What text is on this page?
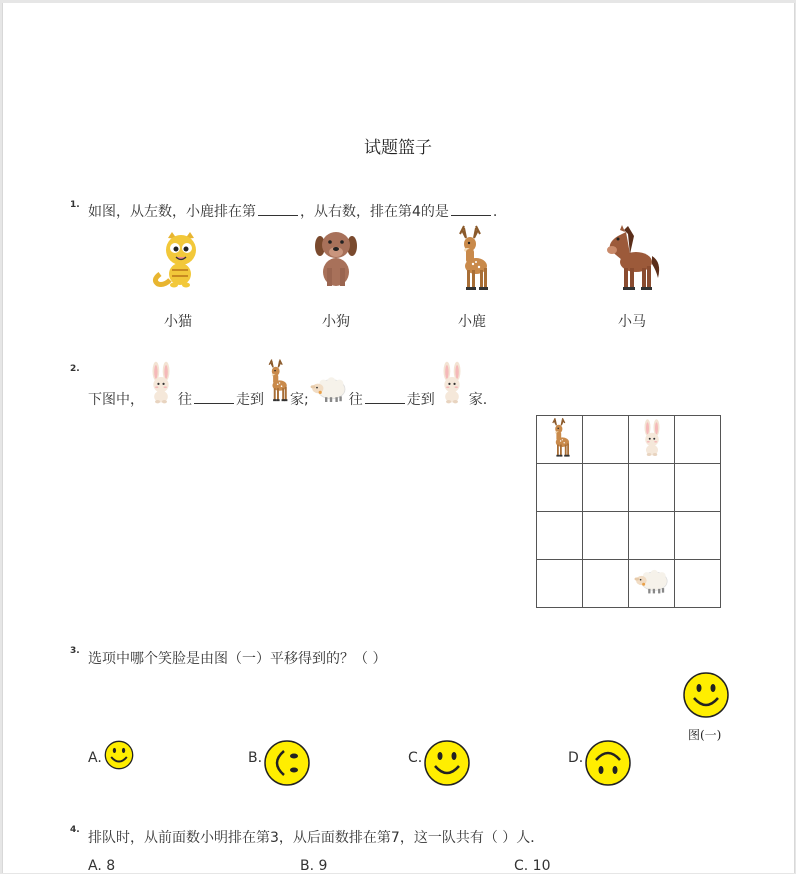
试题篮子
1. 如图，从左数，小鹿排在第	，从右数，排在第4的是	.
小猫	小狗	小鹿	小马
2.
下图中， 往	走到 家;	往	走到 家.

3. 选项中哪个笑脸是由图（一）平移得到的？（ ）
图(一)
A.	B.	C.	D.
4. 排队时，从前面数小明排在第3，从后面数排在第7，这一队共有（ ）人．
A. 8	B. 9	C. 10
